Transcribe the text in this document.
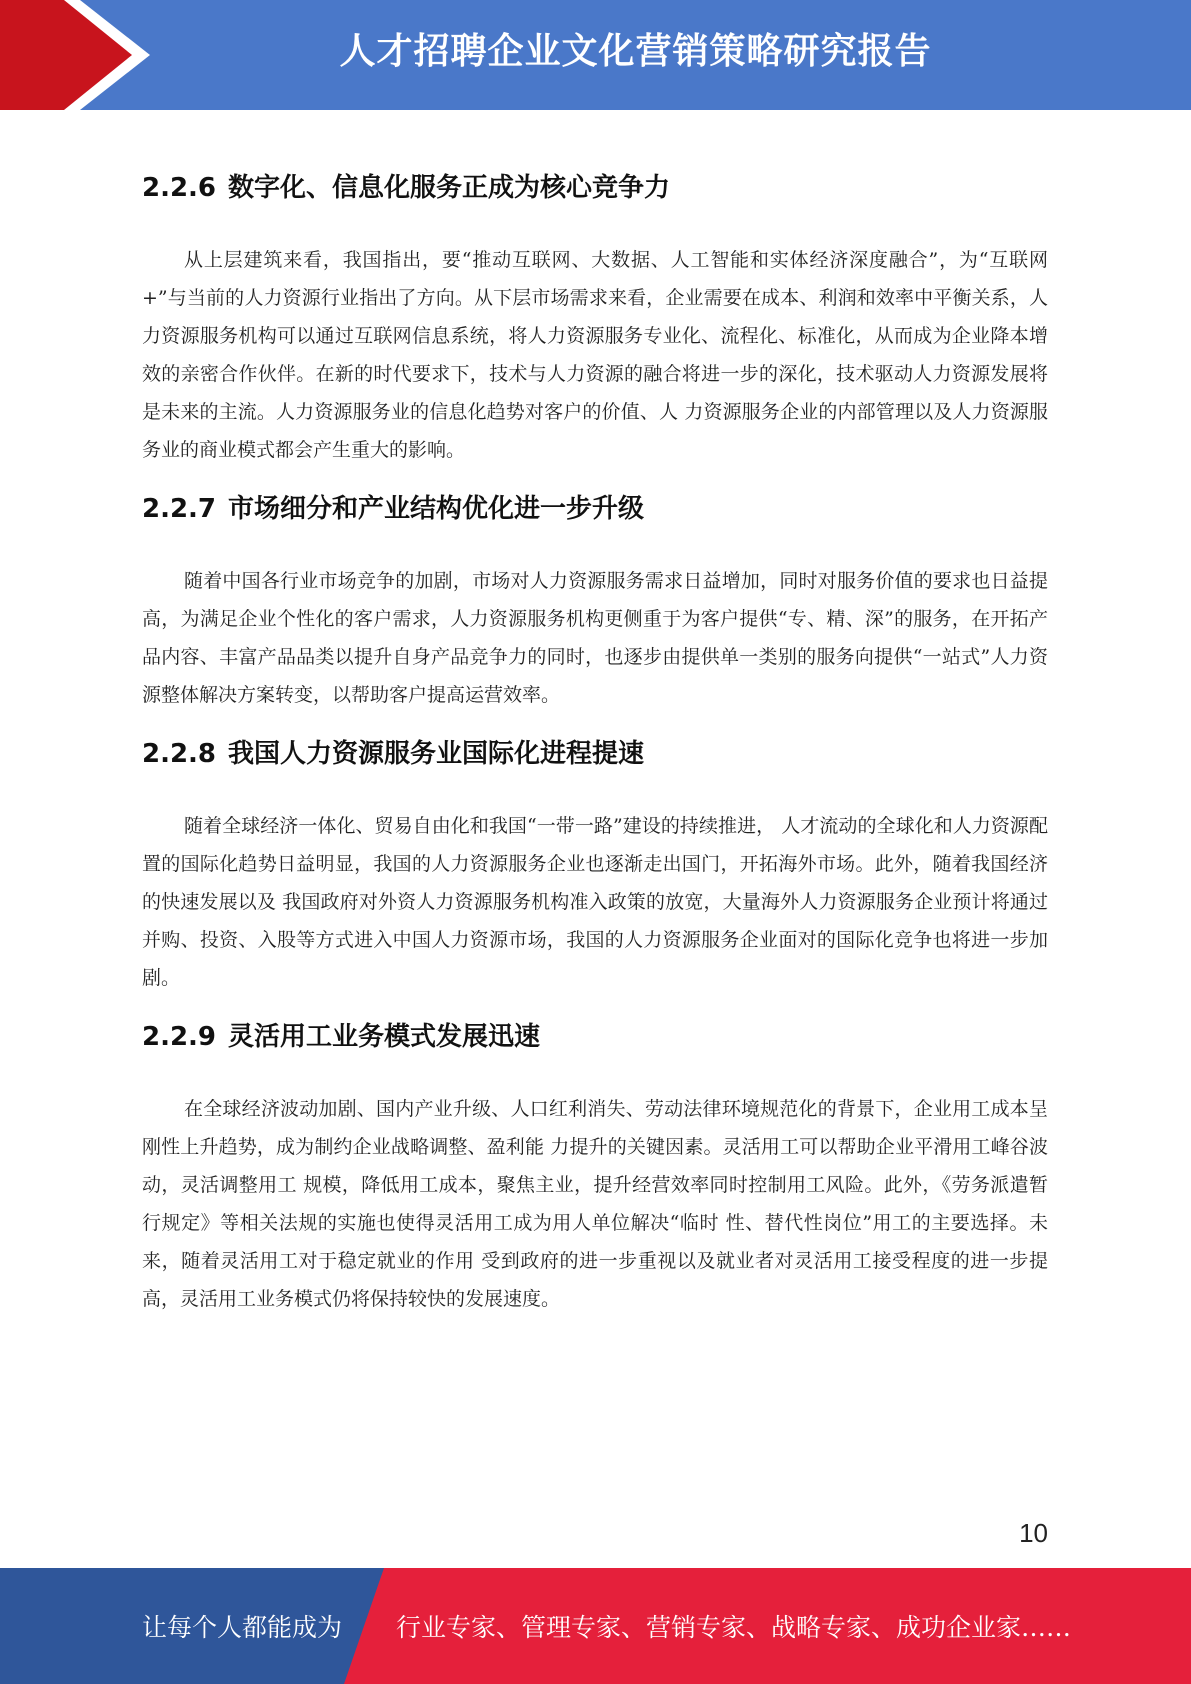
人才招聘企业文化营销策略研究报告
2.2.6 数字化、信息化服务正成为核心竞争力

从上层建筑来看，我国指出，要“推动互联网、大数据、人工智能和实体经济深度融合”，为“互联网+”与当前的人力资源行业指出了方向。从下层市场需求来看，企业需要在成本、利润和效率中平衡关系，人力资源服务机构可以通过互联网信息系统，将人力资源服务专业化、流程化、标准化，从而成为企业降本增效的亲密合作伙伴。在新的时代要求下，技术与人力资源的融合将进一步的深化，技术驱动人力资源发展将是未来的主流。人力资源服务业的信息化趋势对客户的价值、人 力资源服务企业的内部管理以及人力资源服务业的商业模式都会产生重大的影响。

2.2.7 市场细分和产业结构优化进一步升级

随着中国各行业市场竞争的加剧，市场对人力资源服务需求日益增加，同时对服务价值的要求也日益提高，为满足企业个性化的客户需求，人力资源服务机构更侧重于为客户提供“专、精、深”的服务，在开拓产品内容、丰富产品品类以提升自身产品竞争力的同时，也逐步由提供单一类别的服务向提供“一站式”人力资源整体解决方案转变，以帮助客户提高运营效率。

2.2.8 我国人力资源服务业国际化进程提速

随着全球经济一体化、贸易自由化和我国“一带一路”建设的持续推进， 人才流动的全球化和人力资源配置的国际化趋势日益明显，我国的人力资源服务企业也逐渐走出国门，开拓海外市场。此外，随着我国经济的快速发展以及 我国政府对外资人力资源服务机构准入政策的放宽，大量海外人力资源服务企业预计将通过并购、投资、入股等方式进入中国人力资源市场，我国的人力资源服务企业面对的国际化竞争也将进一步加剧。

2.2.9 灵活用工业务模式发展迅速

在全球经济波动加剧、国内产业升级、人口红利消失、劳动法律环境规范化的背景下，企业用工成本呈刚性上升趋势，成为制约企业战略调整、盈利能 力提升的关键因素。灵活用工可以帮助企业平滑用工峰谷波动，灵活调整用工 规模，降低用工成本，聚焦主业，提升经营效率同时控制用工风险。此外，《劳务派遣暂行规定》等相关法规的实施也使得灵活用工成为用人单位解决“临时 性、替代性岗位”用工的主要选择。未来，随着灵活用工对于稳定就业的作用 受到政府的进一步重视以及就业者对灵活用工接受程度的进一步提高，灵活用工业务模式仍将保持较快的发展速度。

10
让每个人都能成为 行业专家、管理专家、营销专家、战略专家、成功企业家……
